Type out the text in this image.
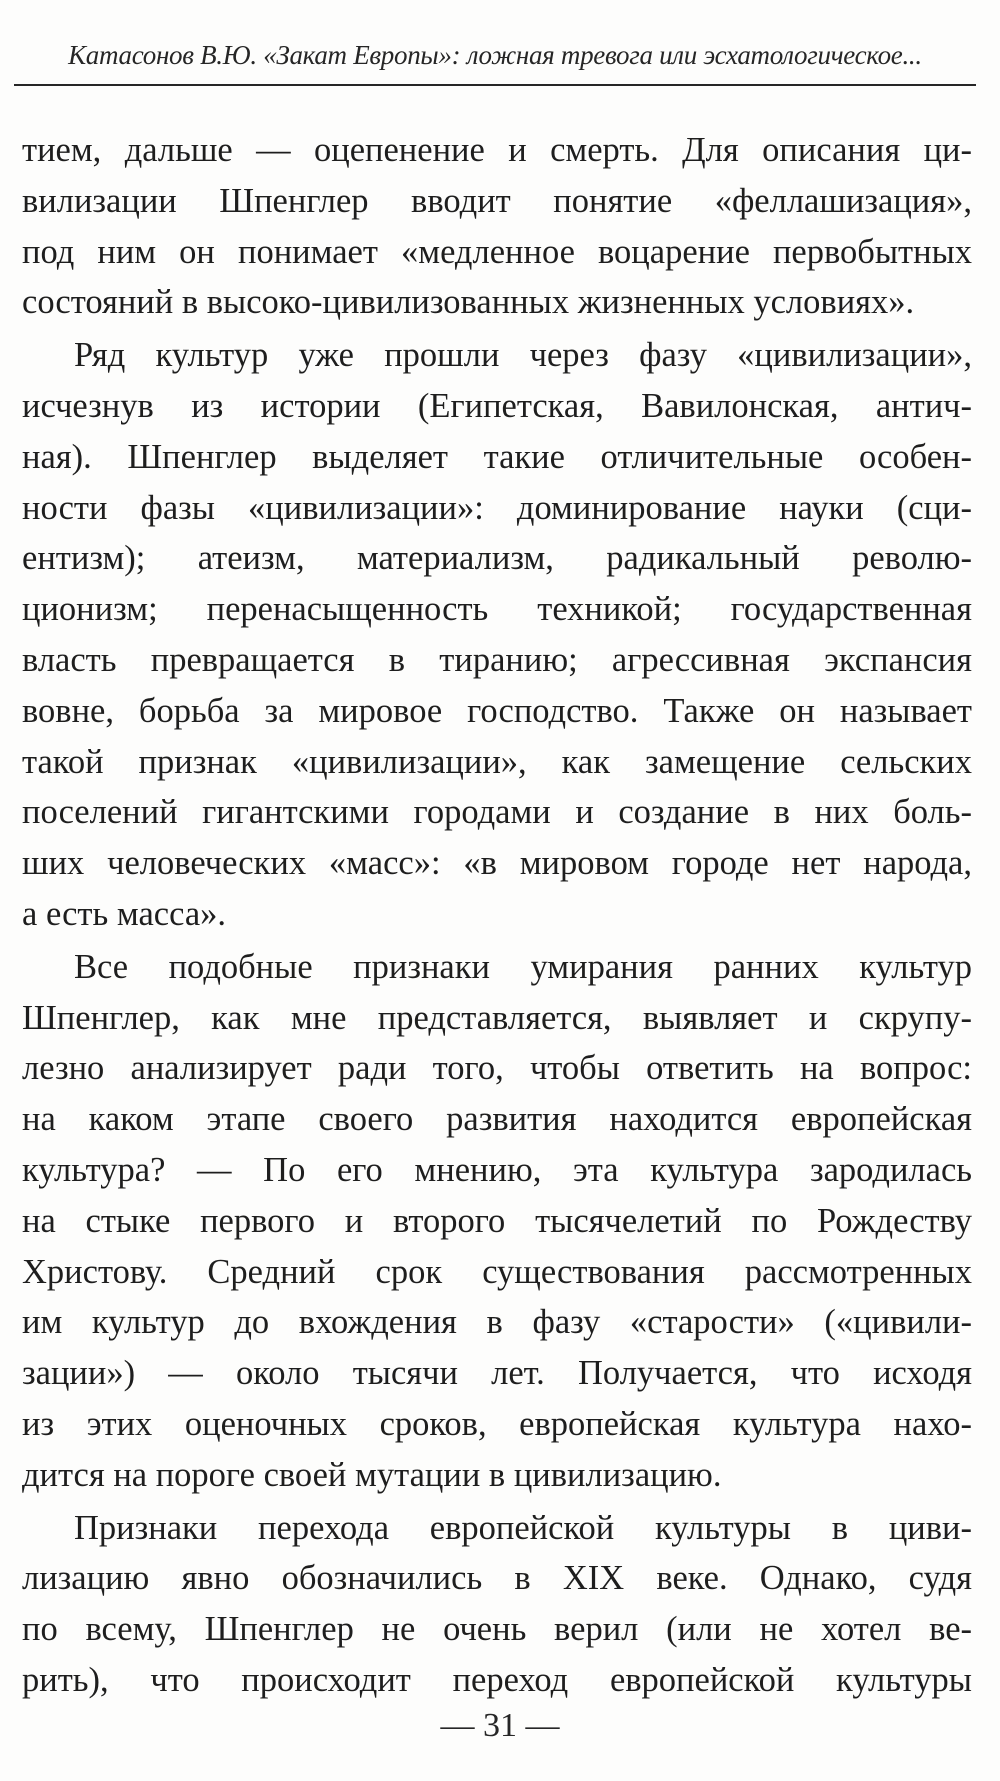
Катасонов В.Ю. «Закат Европы»: ложная тревога или эсхатологическое...
тием, дальше — оцепенение и смерть. Для описания ци-
вилизации Шпенглер вводит понятие «феллашизация»,
под ним он понимает «медленное воцарение первобытных
состояний в высоко-цивилизованных жизненных условиях».
Ряд культур уже прошли через фазу «цивилизации»,
исчезнув из истории (Египетская, Вавилонская, антич-
ная). Шпенглер выделяет такие отличительные особен-
ности фазы «цивилизации»: доминирование науки (сци-
ентизм); атеизм, материализм, радикальный револю-
ционизм; перенасыщенность техникой; государственная
власть превращается в тиранию; агрессивная экспансия
вовне, борьба за мировое господство. Также он называет
такой признак «цивилизации», как замещение сельских
поселений гигантскими городами и создание в них боль-
ших человеческих «масс»: «в мировом городе нет народа,
а есть масса».
Все подобные признаки умирания ранних культур
Шпенглер, как мне представляется, выявляет и скрупу-
лезно анализирует ради того, чтобы ответить на вопрос:
на каком этапе своего развития находится европейская
культура? — По его мнению, эта культура зародилась
на стыке первого и второго тысячелетий по Рождеству
Христову. Средний срок существования рассмотренных
им культур до вхождения в фазу «старости» («цивили-
зации») — около тысячи лет. Получается, что исходя
из этих оценочных сроков, европейская культура нахо-
дится на пороге своей мутации в цивилизацию.
Признаки перехода европейской культуры в циви-
лизацию явно обозначились в XIX веке. Однако, судя
по всему, Шпенглер не очень верил (или не хотел ве-
рить), что происходит переход европейской культуры
— 31 —
